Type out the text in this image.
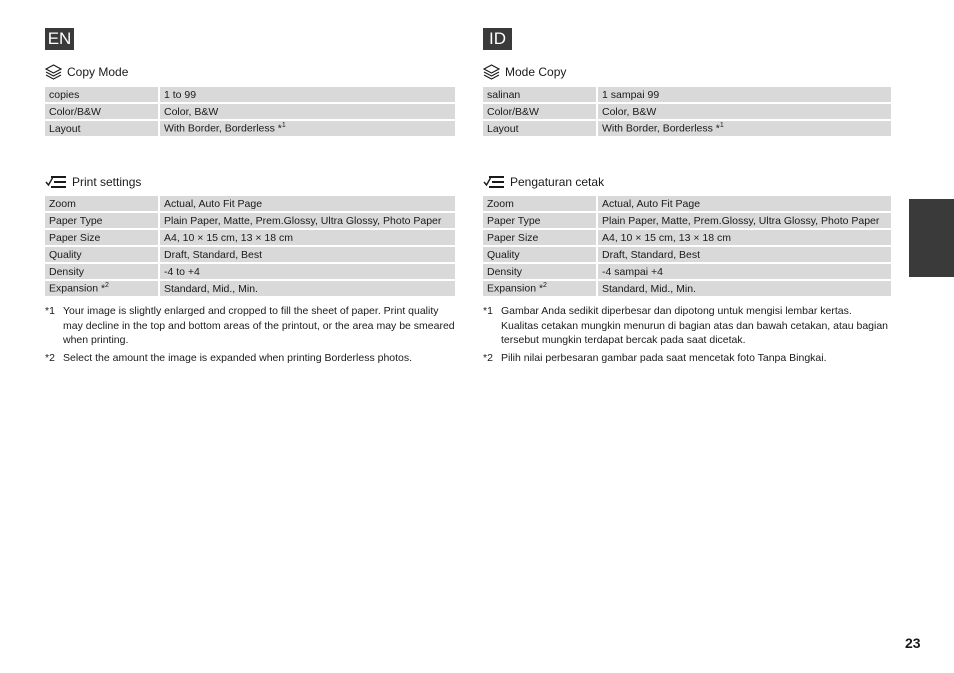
EN
Copy Mode
copies	1 to 99
Color/B&W	Color, B&W
Layout	With Border, Borderless *$^1$
Print settings
Zoom	Actual, Auto Fit Page
Paper Type	Plain Paper, Matte, Prem.Glossy, Ultra Glossy, Photo Paper
Paper Size	A4, 10 × 15 cm, 13 × 18 cm
Quality	Draft, Standard, Best
Density	-4 to +4
Expansion *$^2$	Standard, Mid., Min.
*1 Your image is slightly enlarged and cropped to fill the sheet of paper. Print quality may decline in the top and bottom areas of the printout, or the area may be smeared when printing.
*2 Select the amount the image is expanded when printing Borderless photos.
ID
Mode Copy
salinan	1 sampai 99
Color/B&W	Color, B&W
Layout	With Border, Borderless *$^1$
Pengaturan cetak
Zoom	Actual, Auto Fit Page
Paper Type	Plain Paper, Matte, Prem.Glossy, Ultra Glossy, Photo Paper
Paper Size	A4, 10 × 15 cm, 13 × 18 cm
Quality	Draft, Standard, Best
Density	-4 sampai +4
Expansion *$^2$	Standard, Mid., Min.
*1 Gambar Anda sedikit diperbesar dan dipotong untuk mengisi lembar kertas. Kualitas cetakan mungkin menurun di bagian atas dan bawah cetakan, atau bagian tersebut mungkin terdapat bercak pada saat dicetak.
*2 Pilih nilai perbesaran gambar pada saat mencetak foto Tanpa Bingkai.
23
